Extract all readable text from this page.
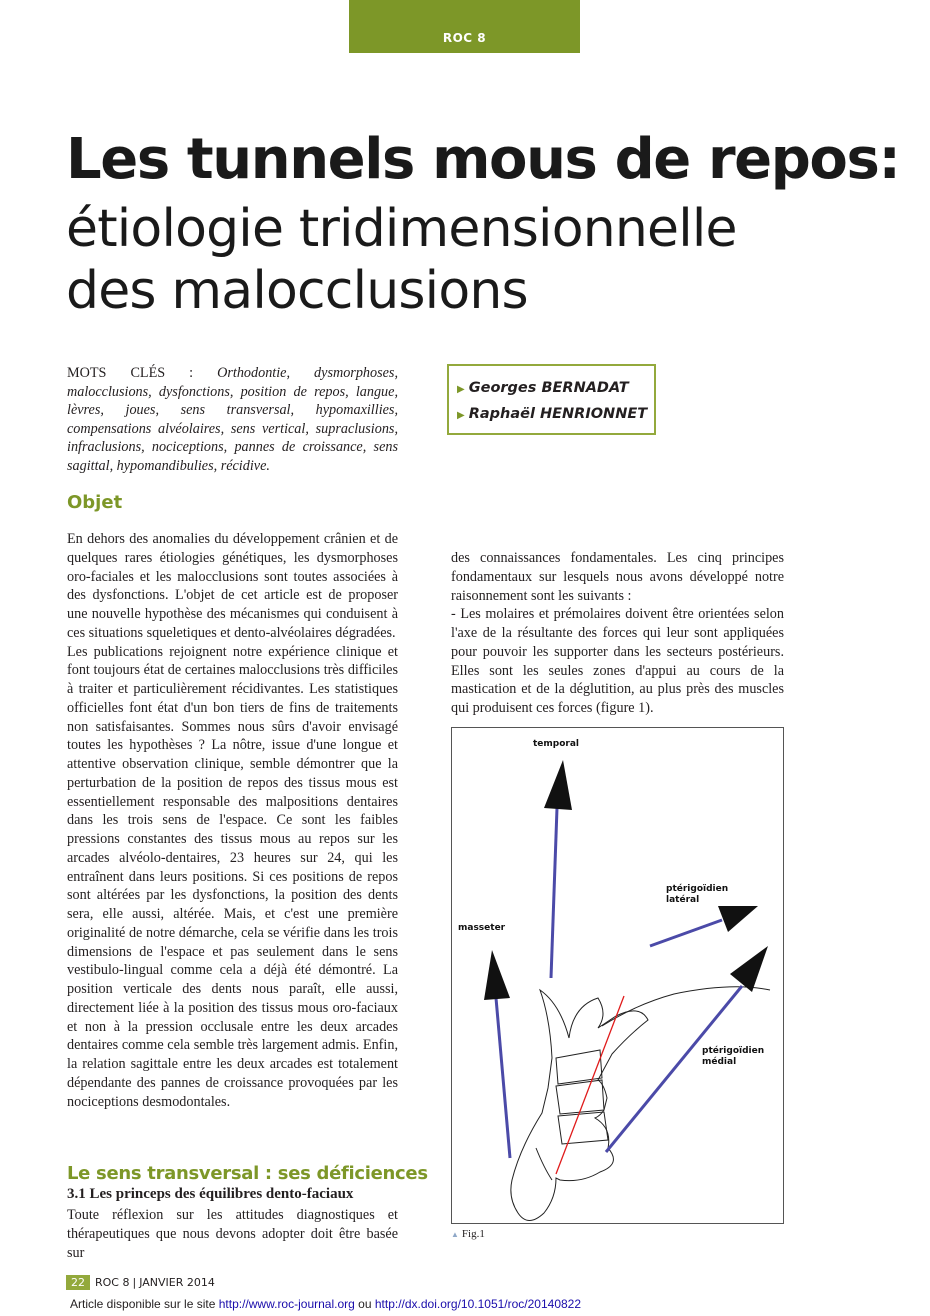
ROC 8
Les tunnels mous de repos:
étiologie tridimensionnelle
des malocclusions
MOTS CLÉS : Orthodontie, dysmorphoses, malocclusions, dysfonctions, position de repos, langue, lèvres, joues, sens transversal, hypomaxillies, compensations alvéolaires, sens vertical, supraclusions, infraclusions, nociceptions, pannes de croissance, sens sagittal, hypomandibulies, récidive.
▶ Georges BERNADAT
▶ Raphaël HENRIONNET
Objet

En dehors des anomalies du développement crânien et de quelques rares étiologies génétiques, les dysmorphoses oro-faciales et les malocclusions sont toutes associées à des dysfonctions. L'objet de cet article est de proposer une nouvelle hypothèse des mécanismes qui conduisent à ces situations squeletiques et dento-alvéolaires dégradées.

Les publications rejoignent notre expérience clinique et font toujours état de certaines malocclusions très difficiles à traiter et particulièrement récidivantes. Les statistiques officielles font état d'un bon tiers de fins de traitements non satisfaisantes. Sommes nous sûrs d'avoir envisagé toutes les hypothèses ? La nôtre, issue d'une longue et attentive observation clinique, semble démontrer que la perturbation de la position de repos des tissus mous est essentiellement responsable des malpositions dentaires dans les trois sens de l'espace. Ce sont les faibles pressions constantes des tissus mous au repos sur les arcades alvéolo-dentaires, 23 heures sur 24, qui les entraînent dans leurs positions. Si ces positions de repos sont altérées par les dysfonctions, la position des dents sera, elle aussi, altérée. Mais, et c'est une première originalité de notre démarche, cela se vérifie dans les trois dimensions de l'espace et pas seulement dans le sens vestibulo-lingual comme cela a déjà été démontré. La position verticale des dents nous paraît, elle aussi, directement liée à la position des tissus mous oro-faciaux et non à la pression occlusale entre les deux arcades dentaires comme cela semble très largement admis. Enfin, la relation sagittale entre les deux arcades est totalement dépendante des pannes de croissance provoquées par les nociceptions desmodontales.

Le sens transversal : ses déficiences
3.1 Les princeps des équilibres dento-faciaux
Toute réflexion sur les attitudes diagnostiques et thérapeutiques que nous devons adopter doit être basée sur

des connaissances fondamentales. Les cinq principes fondamentaux sur lesquels nous avons développé notre raisonnement sont les suivants :

- Les molaires et prémolaires doivent être orientées selon l'axe de la résultante des forces qui leur sont appliquées pour pouvoir les supporter dans les secteurs postérieurs. Elles sont les seules zones d'appui au cours de la mastication et de la déglutition, au plus près des muscles qui produisent ces forces (figure 1).

temporal
ptérigoïdien
latéral
masseter
ptérigoïdien
médial
▲ Fig.1
22 ROC 8 | JANVIER 2014
Article disponible sur le site http://www.roc-journal.org ou http://dx.doi.org/10.1051/roc/20140822
